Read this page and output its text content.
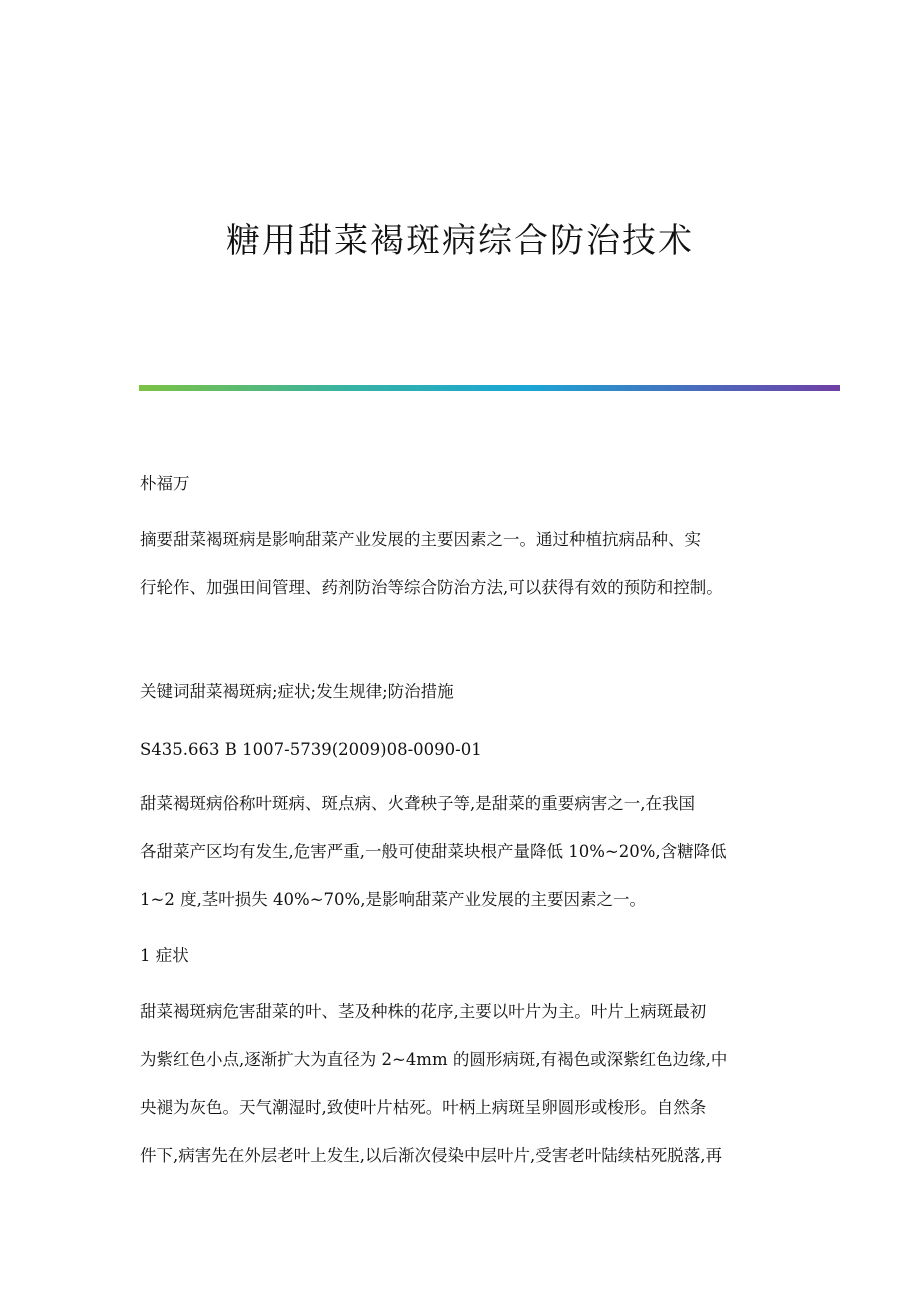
糖用甜菜褐斑病综合防治技术

朴福万

摘要甜菜褐斑病是影响甜菜产业发展的主要因素之一。通过种植抗病品种、实

行轮作、加强田间管理、药剂防治等综合防治方法,可以获得有效的预防和控制。

关键词甜菜褐斑病;症状;发生规律;防治措施

S435.663 B 1007-5739(2009)08-0090-01

甜菜褐斑病俗称叶斑病、斑点病、火聋秧子等,是甜菜的重要病害之一,在我国

各甜菜产区均有发生,危害严重,一般可使甜菜块根产量降低 10%~20%,含糖降低

1~2 度,茎叶损失 40%~70%,是影响甜菜产业发展的主要因素之一。

1 症状

甜菜褐斑病危害甜菜的叶、茎及种株的花序,主要以叶片为主。叶片上病斑最初

为紫红色小点,逐渐扩大为直径为 2~4mm 的圆形病斑,有褐色或深紫红色边缘,中

央褪为灰色。天气潮湿时,致使叶片枯死。叶柄上病斑呈卵圆形或梭形。自然条

件下,病害先在外层老叶上发生,以后渐次侵染中层叶片,受害老叶陆续枯死脱落,再
